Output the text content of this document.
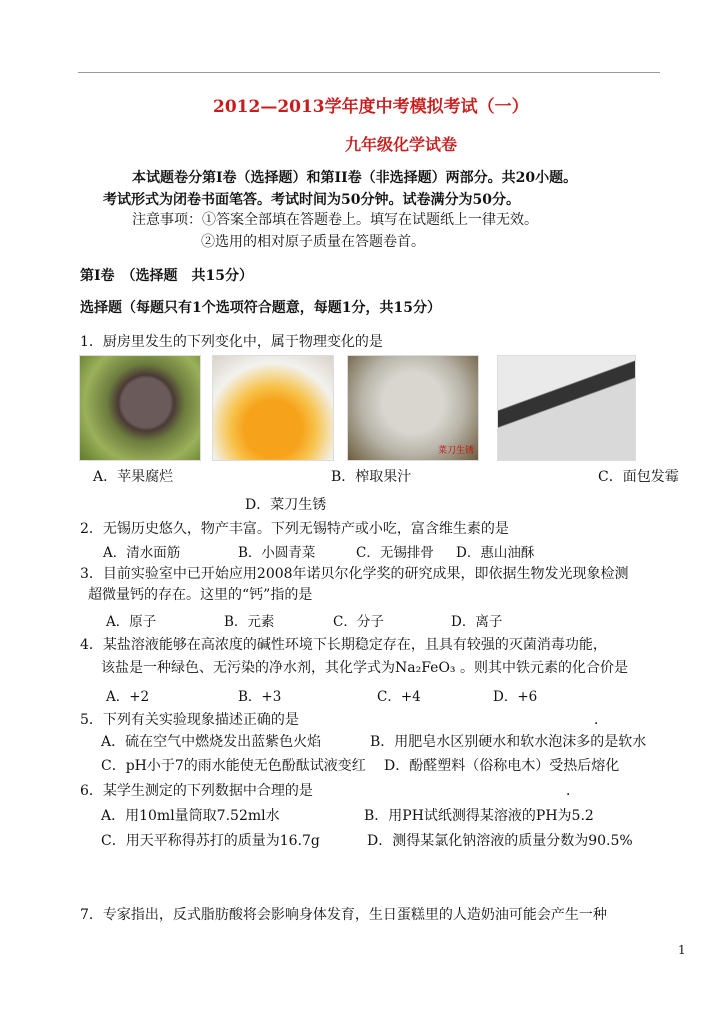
2012—2013学年度中考模拟考试（一）
九年级化学试卷
本试题卷分第Ⅰ卷（选择题）和第II卷（非选择题）两部分。共20小题。
考试形式为闭卷书面笔答。考试时间为50分钟。试卷满分为50分。
注意事项：①答案全部填在答题卷上。填写在试题纸上一律无效。
②选用的相对原子质量在答题卷首。
第Ⅰ卷　（选择题　共15分）
选择题（每题只有1个选项符合题意，每题1分，共15分）
1．厨房里发生的下列变化中，属于物理变化的是
菜刀生锈
A．苹果腐烂	B．榨取果汁	C．面包发霉
D．菜刀生锈
2．无锡历史悠久，物产丰富。下列无锡特产或小吃，富含维生素的是
A．清水面筋	B．小圆青菜	C．无锡排骨 D．惠山油酥
3．目前实验室中已开始应用2008年诺贝尔化学奖的研究成果，即依据生物发光现象检测
超微量钙的存在。这里的“钙”指的是
A．原子	B．元素	C．分子	D．离子
4．某盐溶液能够在高浓度的碱性环境下长期稳定存在，且具有较强的灭菌消毒功能，
该盐是一种绿色、无污染的净水剂，其化学式为Na₂FeO₃ 。则其中铁元素的化合价是
A．+2	B．+3	C．+4	D．+6
5．下列有关实验现象描述正确的是	．
A．硫在空气中燃烧发出蓝紫色火焰	B．用肥皂水区别硬水和软水泡沫多的是软水
C．pH小于7的雨水能使无色酚酞试液变红 D．酚醛塑料（俗称电木）受热后熔化
6．某学生测定的下列数据中合理的是	．
A．用10ml量筒取7.52ml水	B．用PH试纸测得某溶液的PH为5.2
C．用天平称得苏打的质量为16.7g	D．测得某氯化钠溶液的质量分数为90.5%
7．专家指出，反式脂肪酸将会影响身体发育，生日蛋糕里的人造奶油可能会产生一种
1
